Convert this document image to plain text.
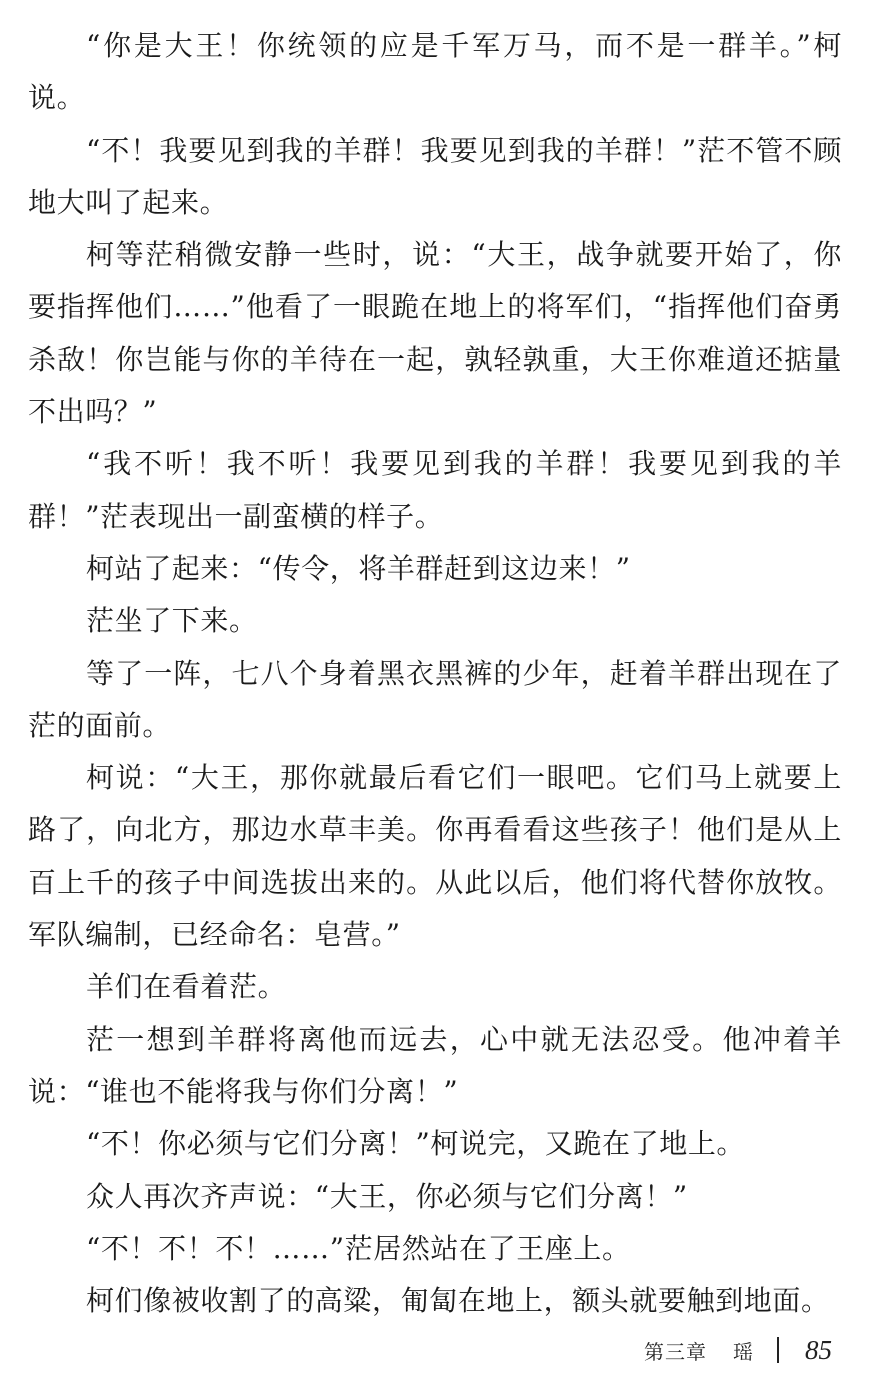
“你是大王！你统领的应是千军万马，而不是一群羊。”柯说。

“不！我要见到我的羊群！我要见到我的羊群！”茫不管不顾地大叫了起来。

柯等茫稍微安静一些时，说：“大王，战争就要开始了，你要指挥他们……”他看了一眼跪在地上的将军们，“指挥他们奋勇杀敌！你岂能与你的羊待在一起，孰轻孰重，大王你难道还掂量不出吗？”

“我不听！我不听！我要见到我的羊群！我要见到我的羊群！”茫表现出一副蛮横的样子。

柯站了起来：“传令，将羊群赶到这边来！”

茫坐了下来。

等了一阵，七八个身着黑衣黑裤的少年，赶着羊群出现在了茫的面前。

柯说：“大王，那你就最后看它们一眼吧。它们马上就要上路了，向北方，那边水草丰美。你再看看这些孩子！他们是从上百上千的孩子中间选拔出来的。从此以后，他们将代替你放牧。军队编制，已经命名：皂营。”

羊们在看着茫。

茫一想到羊群将离他而远去，心中就无法忍受。他冲着羊说：“谁也不能将我与你们分离！”

“不！你必须与它们分离！”柯说完，又跪在了地上。

众人再次齐声说：“大王，你必须与它们分离！”

“不！不！不！……”茫居然站在了王座上。

柯们像被收割了的高粱，匍匐在地上，额头就要触到地面。

第三章 瑶 85
